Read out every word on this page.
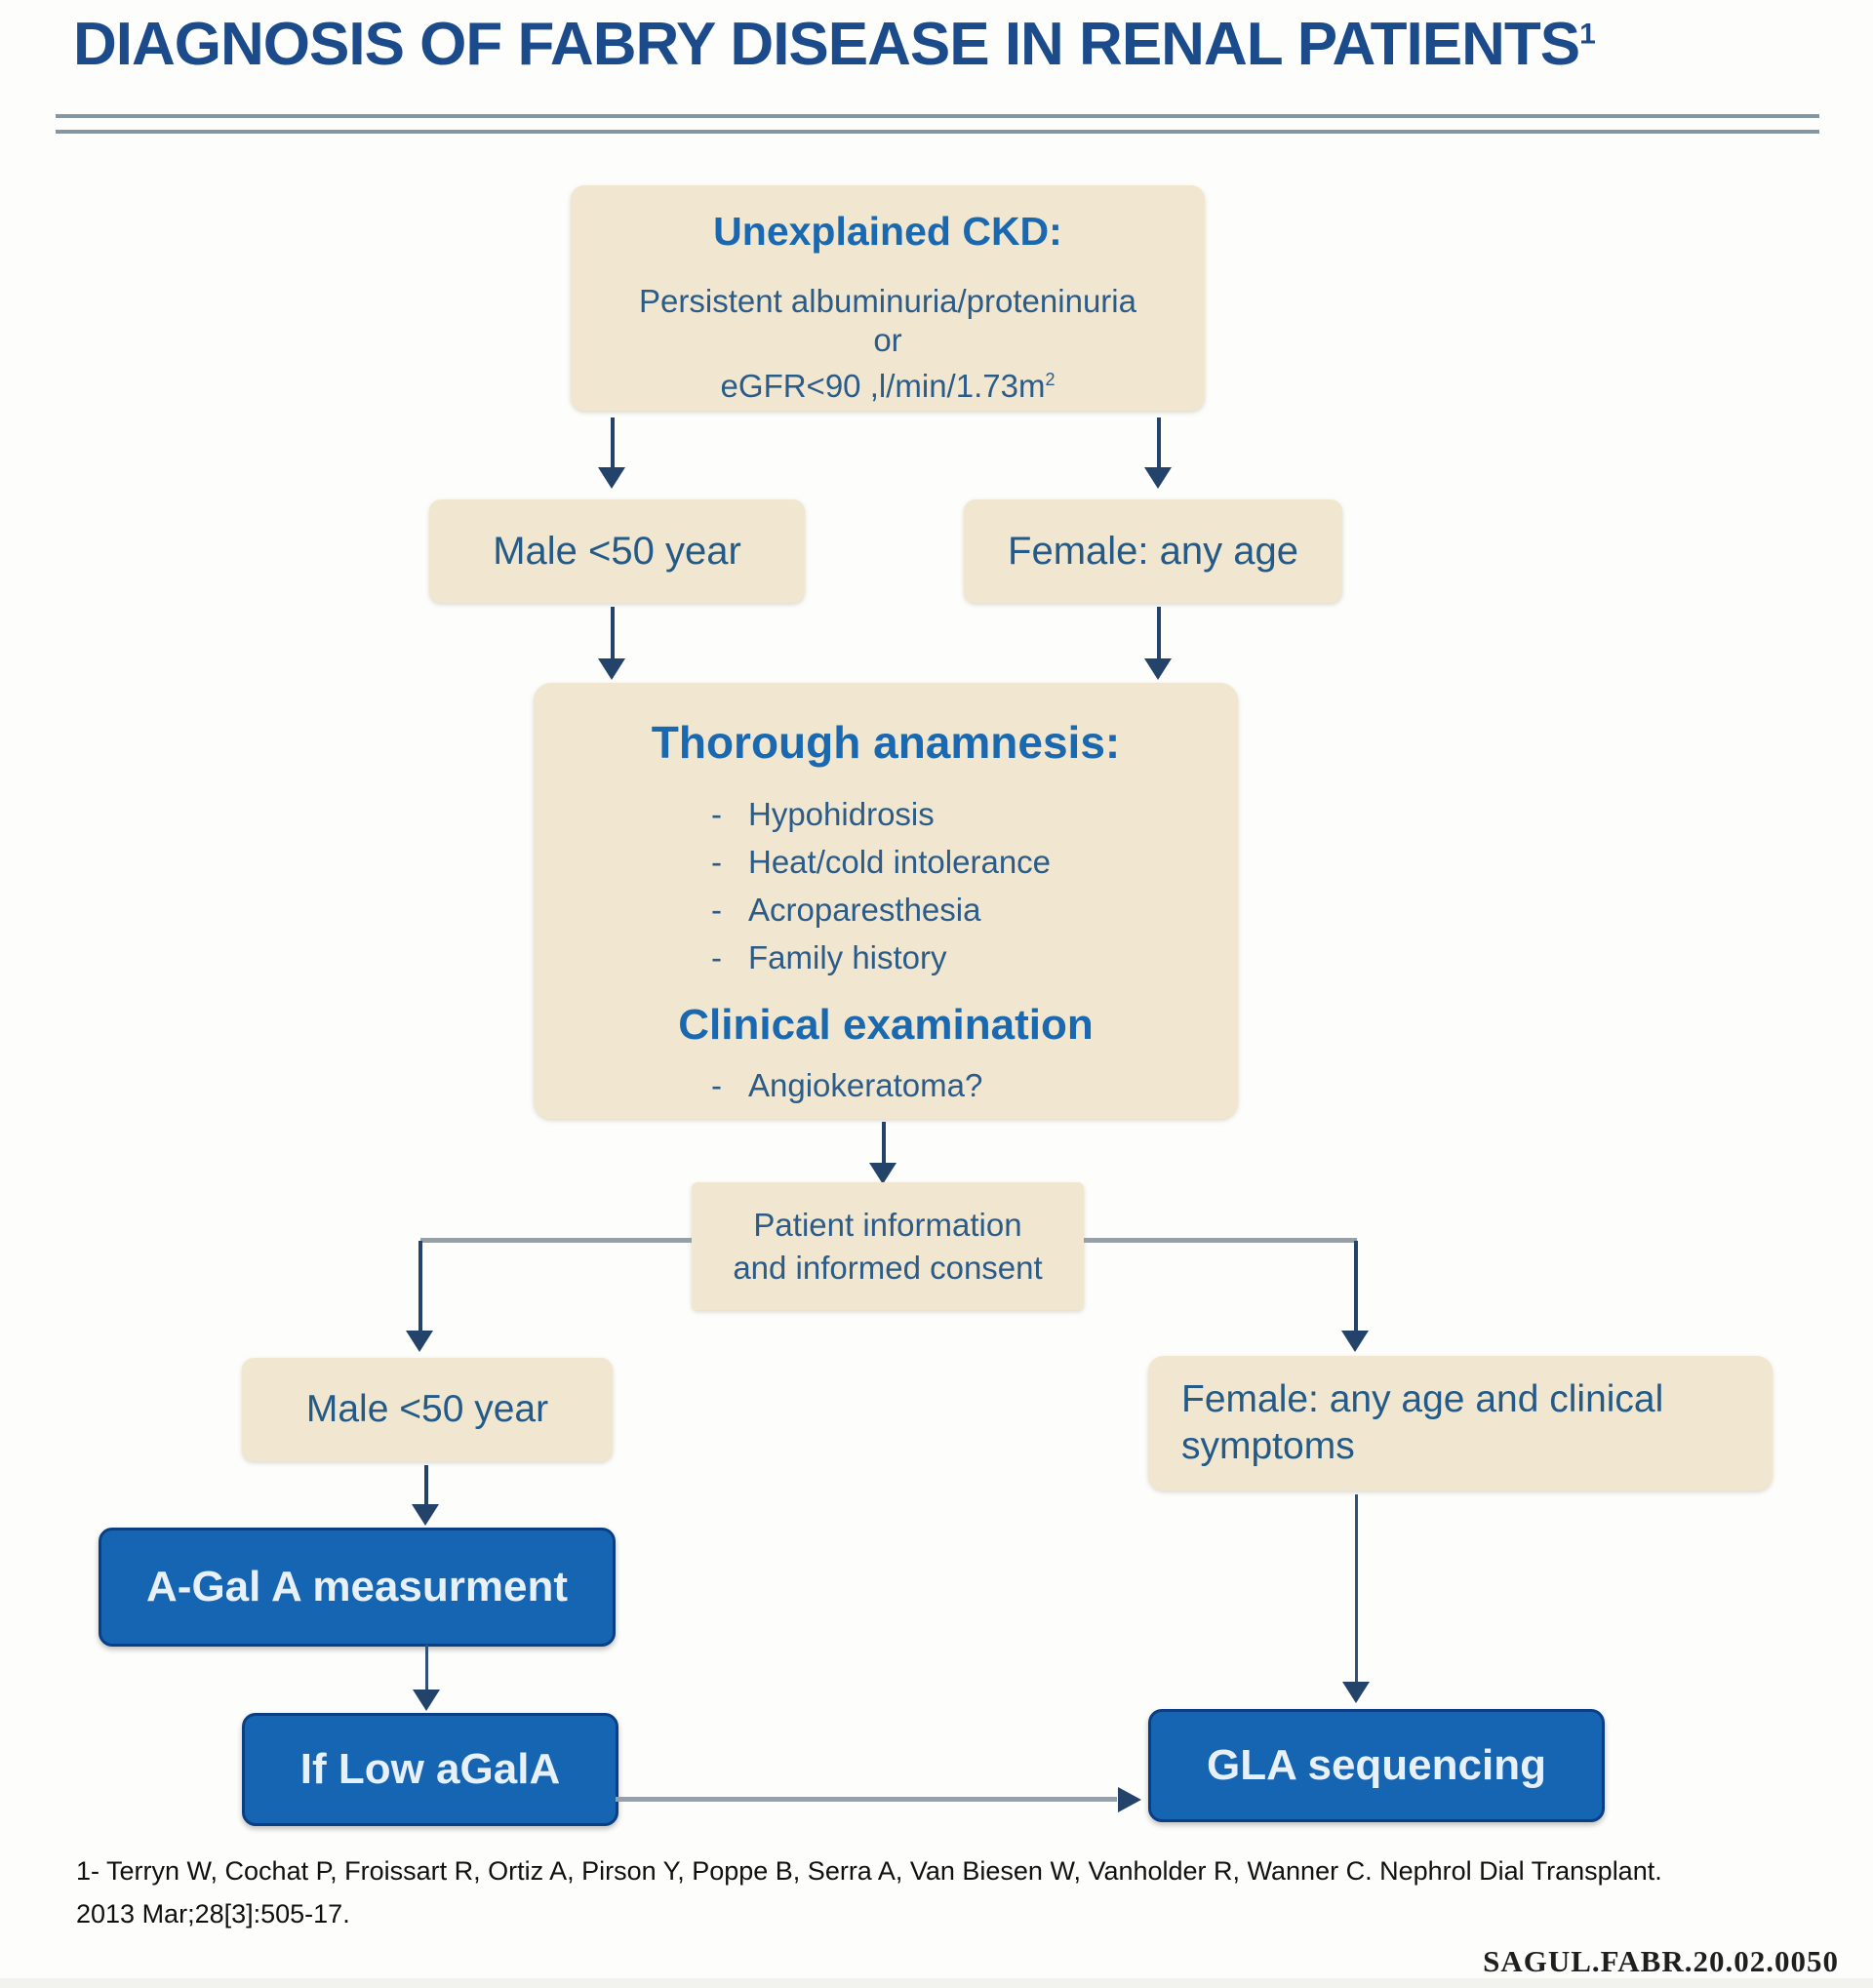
DIAGNOSIS OF FABRY DISEASE IN RENAL PATIENTS$^1$
Unexplained CKD:
Persistent albuminuria/proteninuria
or
eGFR<90 $,l/\min/1.73m^2$
Male <50 year	Female: any age
Thorough anamnesis:
- Hypohidrosis
- Heat/cold intolerance
- Acroparesthesia
- Family history
Clinical examination
- Angiokeratoma?
Patient information
and informed consent
Male <50 year	Female: any age and clinical symptoms
A-Gal A measurment
If Low aGalA	GLA sequencing
1- Terryn W, Cochat P, Froissart R, Ortiz A, Pirson Y, Poppe B, Serra A, Van Biesen W, Vanholder R, Wanner C. Nephrol Dial Transplant.
2013 Mar;28[3]:505-17.
SAGUL.FABR.20.02.0050
